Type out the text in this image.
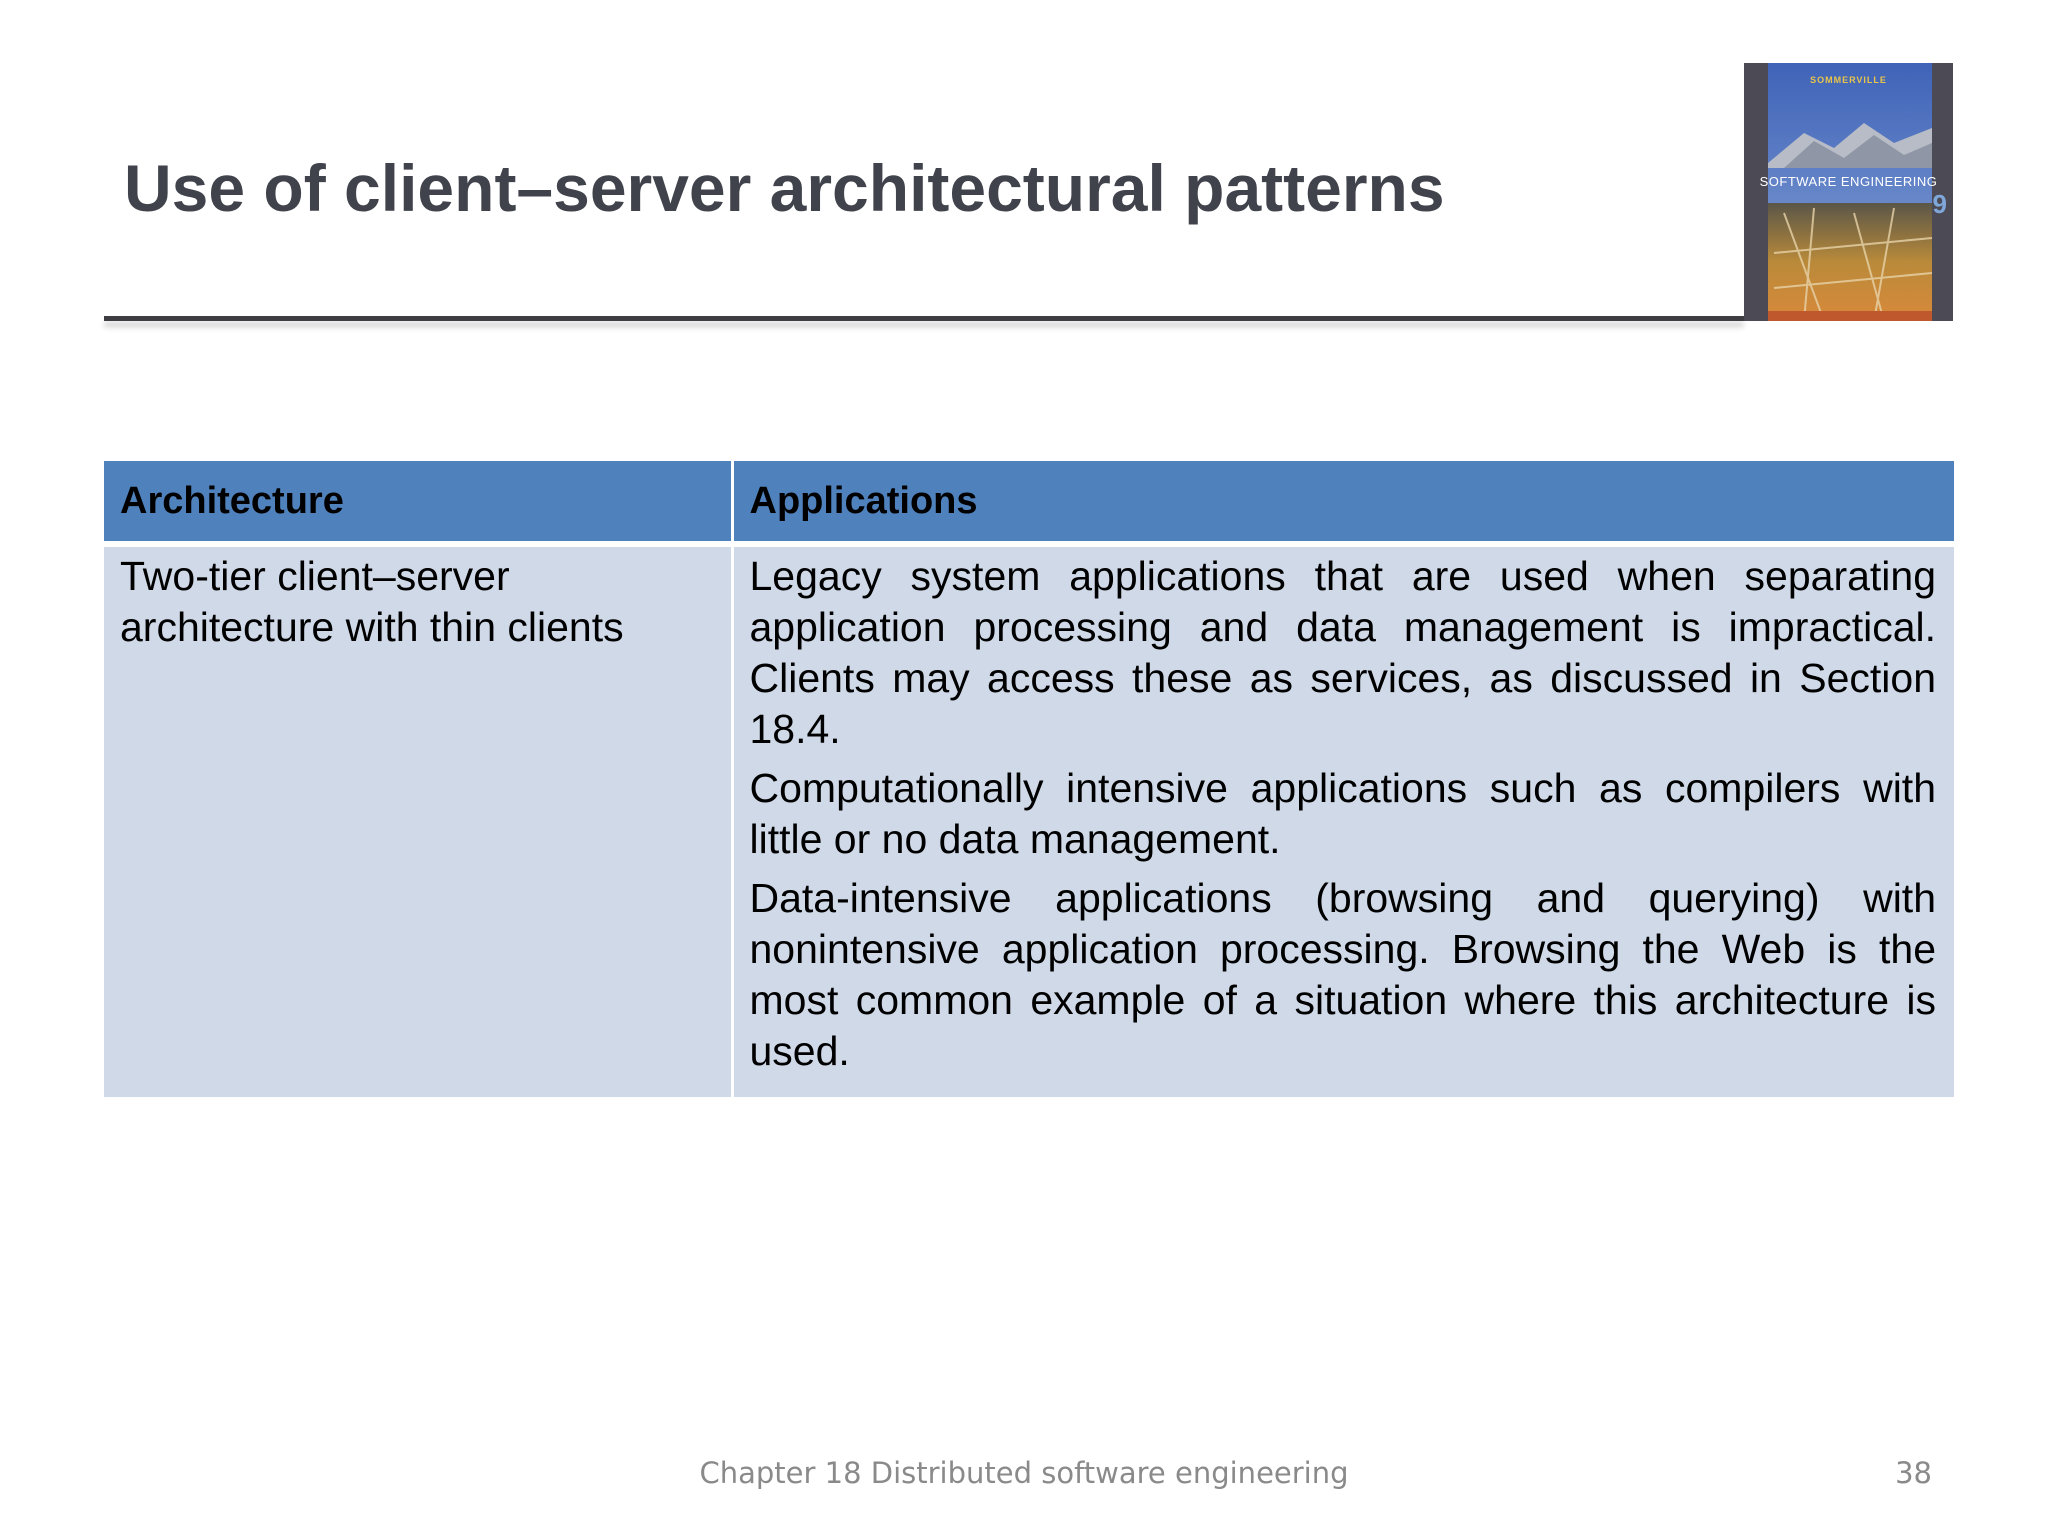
Use of client–server architectural patterns
SOMMERVILLE
SOFTWARE ENGINEERING
9
Architecture	Applications
Two-tier client–server architecture with thin clients	Legacy system applications that are used when separating application processing and data management is impractical. Clients may access these as services, as discussed in Section 18.4.

Computationally intensive applications such as compilers with little or no data management.

Data-intensive applications (browsing and querying) with nonintensive application processing. Browsing the Web is the most common example of a situation where this architecture is used.

Chapter 18 Distributed software engineering	38
